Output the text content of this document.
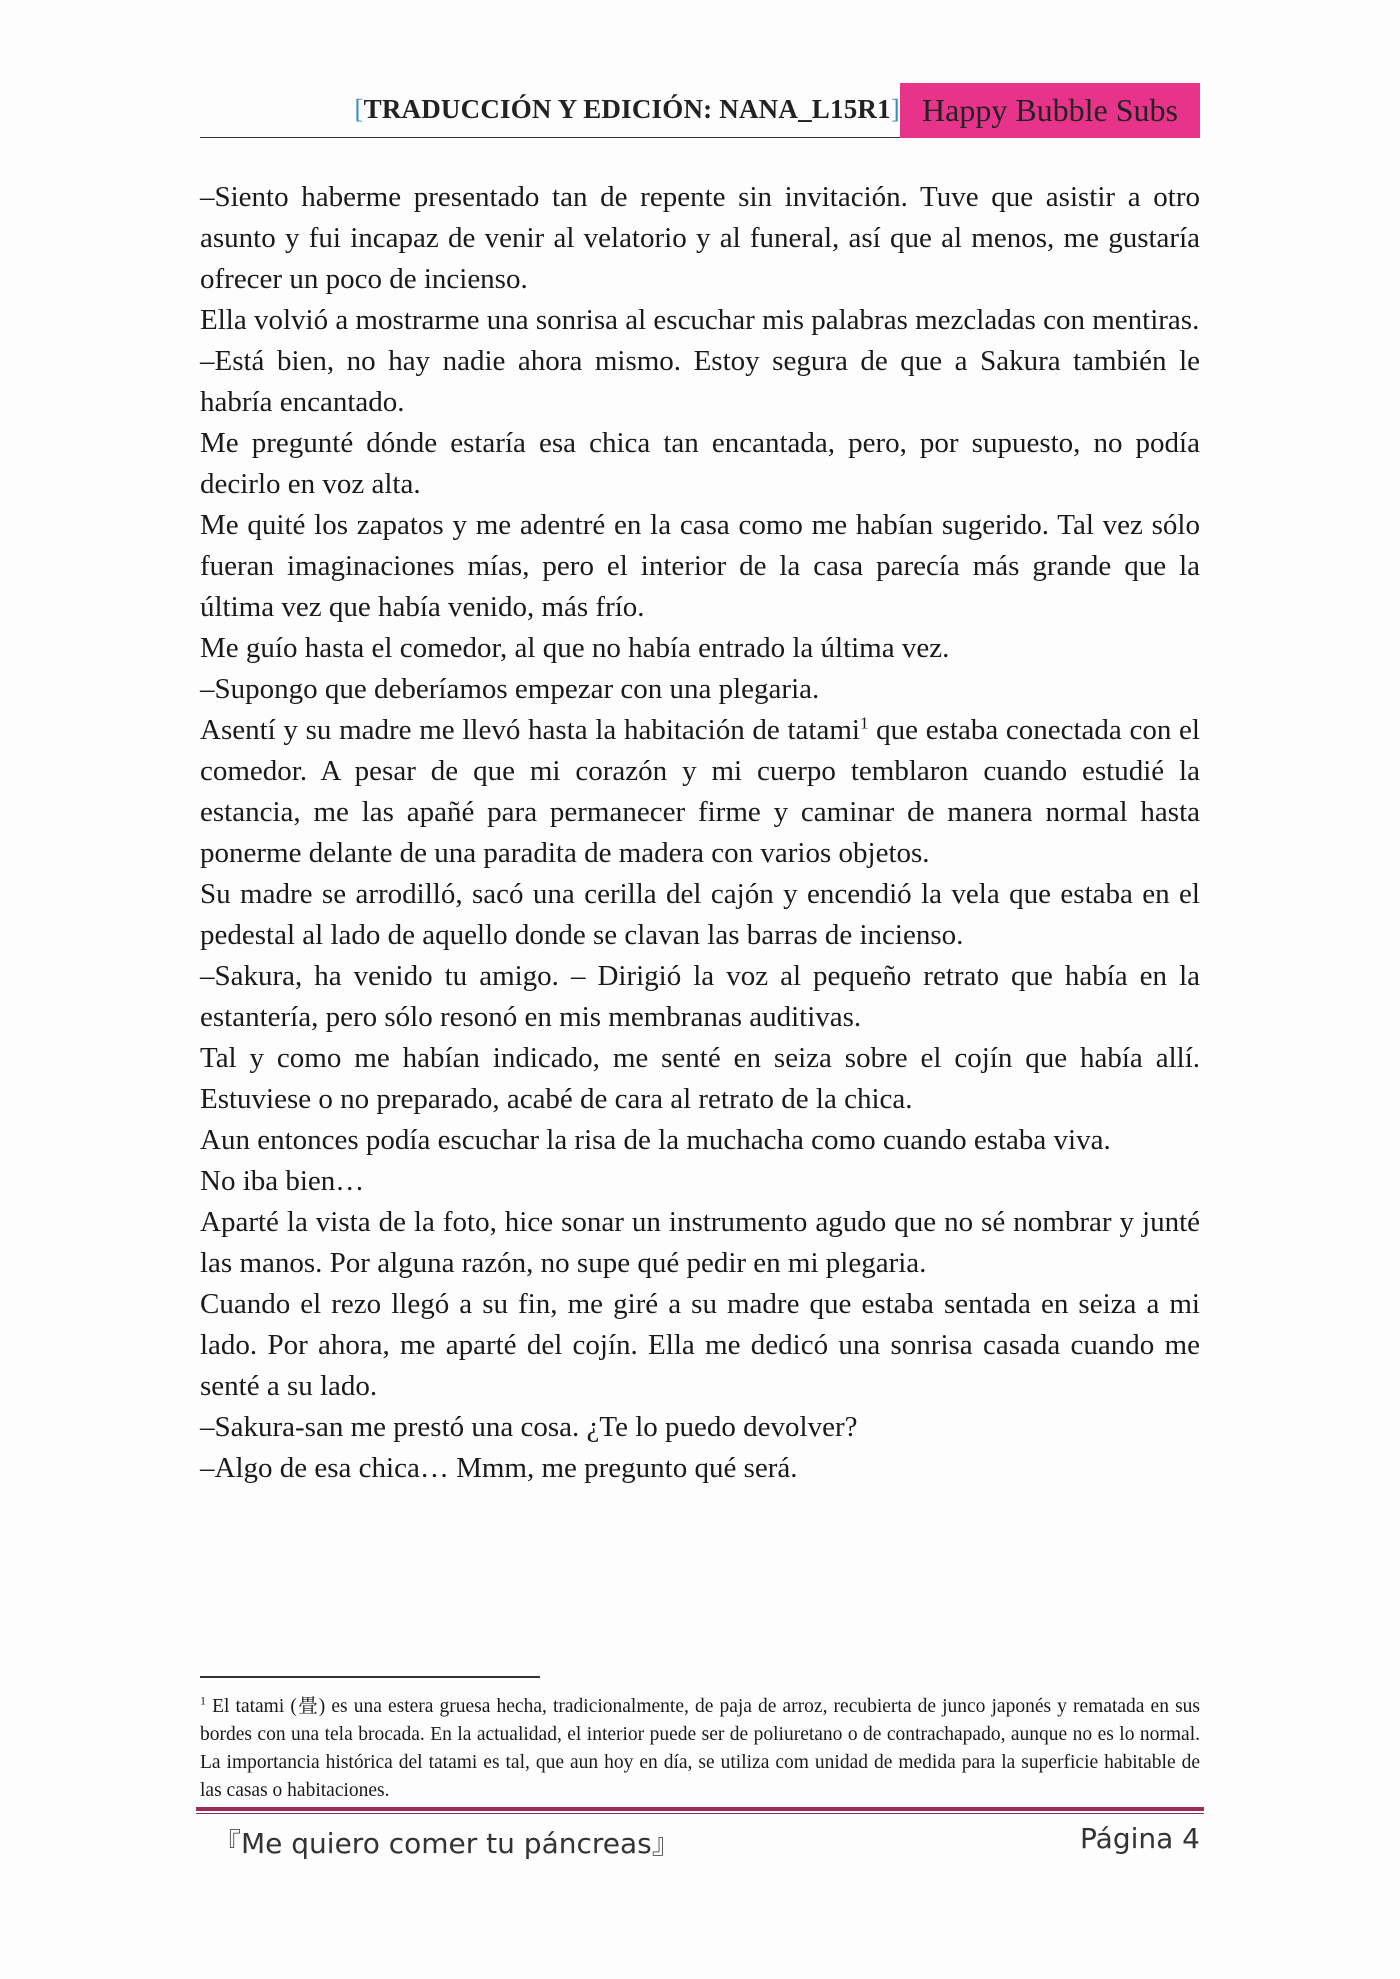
[TRADUCCIÓN Y EDICIÓN: NANA_L15R1] Happy Bubble Subs

–Siento haberme presentado tan de repente sin invitación. Tuve que asistir a otro asunto y fui incapaz de venir al velatorio y al funeral, así que al menos, me gustaría ofrecer un poco de incienso.

Ella volvió a mostrarme una sonrisa al escuchar mis palabras mezcladas con mentiras.

–Está bien, no hay nadie ahora mismo. Estoy segura de que a Sakura también le habría encantado.

Me pregunté dónde estaría esa chica tan encantada, pero, por supuesto, no podía decirlo en voz alta.

Me quité los zapatos y me adentré en la casa como me habían sugerido. Tal vez sólo fueran imaginaciones mías, pero el interior de la casa parecía más grande que la última vez que había venido, más frío.

Me guío hasta el comedor, al que no había entrado la última vez.

–Supongo que deberíamos empezar con una plegaria.

Asentí y su madre me llevó hasta la habitación de tatami$^1$ que estaba conectada con el comedor. A pesar de que mi corazón y mi cuerpo temblaron cuando estudié la estancia, me las apañé para permanecer firme y caminar de manera normal hasta ponerme delante de una paradita de madera con varios objetos.

Su madre se arrodilló, sacó una cerilla del cajón y encendió la vela que estaba en el pedestal al lado de aquello donde se clavan las barras de incienso.

–Sakura, ha venido tu amigo. – Dirigió la voz al pequeño retrato que había en la estantería, pero sólo resonó en mis membranas auditivas.

Tal y como me habían indicado, me senté en seiza sobre el cojín que había allí. Estuviese o no preparado, acabé de cara al retrato de la chica.

Aun entonces podía escuchar la risa de la muchacha como cuando estaba viva.

No iba bien…

Aparté la vista de la foto, hice sonar un instrumento agudo que no sé nombrar y junté las manos. Por alguna razón, no supe qué pedir en mi plegaria.

Cuando el rezo llegó a su fin, me giré a su madre que estaba sentada en seiza a mi lado. Por ahora, me aparté del cojín. Ella me dedicó una sonrisa casada cuando me senté a su lado.

–Sakura-san me prestó una cosa. ¿Te lo puedo devolver?

–Algo de esa chica… Mmm, me pregunto qué será.

$^1$ El tatami (畳) es una estera gruesa hecha, tradicionalmente, de paja de arroz, recubierta de junco japonés y rematada en sus bordes con una tela brocada. En la actualidad, el interior puede ser de poliuretano o de contrachapado, aunque no es lo normal. La importancia histórica del tatami es tal, que aun hoy en día, se utiliza com unidad de medida para la superficie habitable de las casas o habitaciones.
『Me quiero comer tu páncreas』	Página 4
